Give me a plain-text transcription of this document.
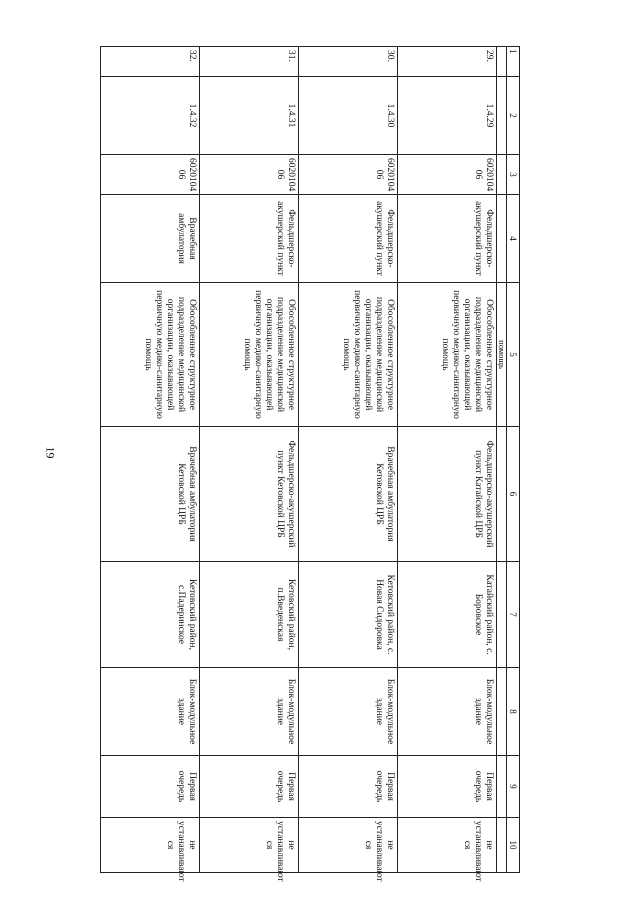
19
1	2	3	4	5	6	7	8	9	10
				помощь					
29.	1.4.29	6020104 06	Фельдшерско-акушерский пункт	Обособленное структурное подразделение медицинской организации, оказывающей первичную медико-санитарную помощь	Фельдшерско-акушерский пункт Катайской ЦРБ	Катайский район, с. Боровское	Блок-модульное здание	Первая очередь	не устанавливают ся
30.	1.4.30	6020104 06	Фельдшерско-акушерский пункт	Обособленное структурное подразделение медицинской организации, оказывающей первичную медико-санитарную помощь	Врачебная амбулатория Кетовской ЦРБ	Кетовский район, с. Новая Сидоровка	Блок-модульное здание	Первая очередь	не устанавливают ся
31.	1.4.31	6020104 06	Фельдшерско-акушерский пункт	Обособленное структурное подразделение медицинской организации, оказывающей первичную медико-санитарную помощь	Фельдшерско-акушерский пункт Кетовской ЦРБ	Кетовский район, п.Введенская	Блок-модульное здание	Первая очередь	не устанавливают ся
32.	1.4.32	6020104 06	Врачебная амбулатория	Обособленное структурное подразделение медицинской организации, оказывающей первичную медико-санитарную помощь	Врачебная амбулатория Кетовской ЦРБ	Кетовский район, с.Падеринское	Блок-модульное здание	Первая очередь	не устанавливают ся
